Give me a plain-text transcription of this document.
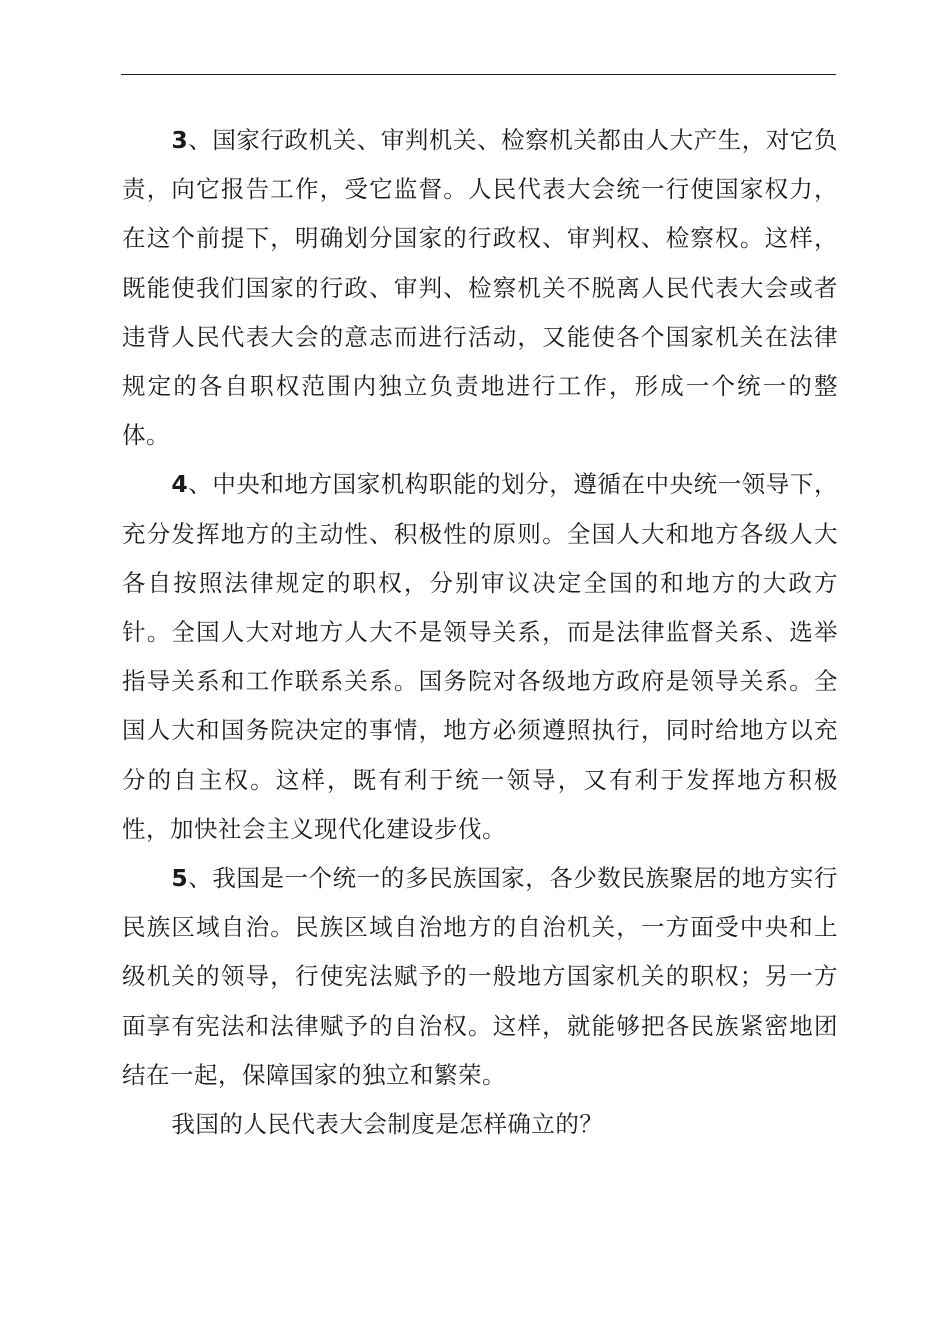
3、国家行政机关、审判机关、检察机关都由人大产生，对它负责，向它报告工作，受它监督。人民代表大会统一行使国家权力，在这个前提下，明确划分国家的行政权、审判权、检察权。这样，既能使我们国家的行政、审判、检察机关不脱离人民代表大会或者违背人民代表大会的意志而进行活动，又能使各个国家机关在法律规定的各自职权范围内独立负责地进行工作，形成一个统一的整体。

4、中央和地方国家机构职能的划分，遵循在中央统一领导下，充分发挥地方的主动性、积极性的原则。全国人大和地方各级人大各自按照法律规定的职权，分别审议决定全国的和地方的大政方针。全国人大对地方人大不是领导关系，而是法律监督关系、选举指导关系和工作联系关系。国务院对各级地方政府是领导关系。全国人大和国务院决定的事情，地方必须遵照执行，同时给地方以充分的自主权。这样，既有利于统一领导，又有利于发挥地方积极性，加快社会主义现代化建设步伐。

5、我国是一个统一的多民族国家，各少数民族聚居的地方实行民族区域自治。民族区域自治地方的自治机关，一方面受中央和上级机关的领导，行使宪法赋予的一般地方国家机关的职权；另一方面享有宪法和法律赋予的自治权。这样，就能够把各民族紧密地团结在一起，保障国家的独立和繁荣。

我国的人民代表大会制度是怎样确立的？
